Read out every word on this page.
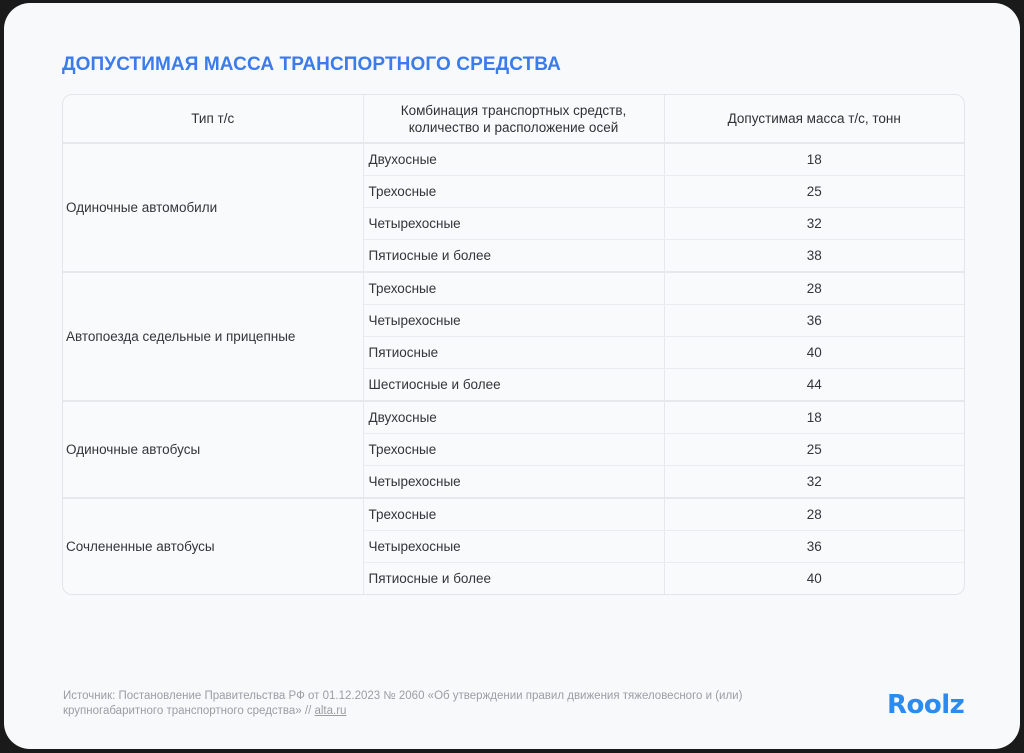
ДОПУСТИМАЯ МАССА ТРАНСПОРТНОГО СРЕДСТВА
Тип т/с	Комбинация транспортных средств,
количество и расположение осей	Допустимая масса т/с, тонн
Одиночные автомобили	Двухосные	18
	Трехосные	25
	Четырехосные	32
	Пятиосные и более	38
Автопоезда седельные и прицепные	Трехосные	28
	Четырехосные	36
	Пятиосные	40
	Шестиосные и более	44
Одиночные автобусы	Двухосные	18
	Трехосные	25
	Четырехосные	32
Сочлененные автобусы	Трехосные	28
	Четырехосные	36
	Пятиосные и более	40

Источник: Постановление Правительства РФ от 01.12.2023 № 2060 «Об утверждении правил движения тяжеловесного и (или) крупногабаритного транспортного средства» // alta.ru	Roolz
